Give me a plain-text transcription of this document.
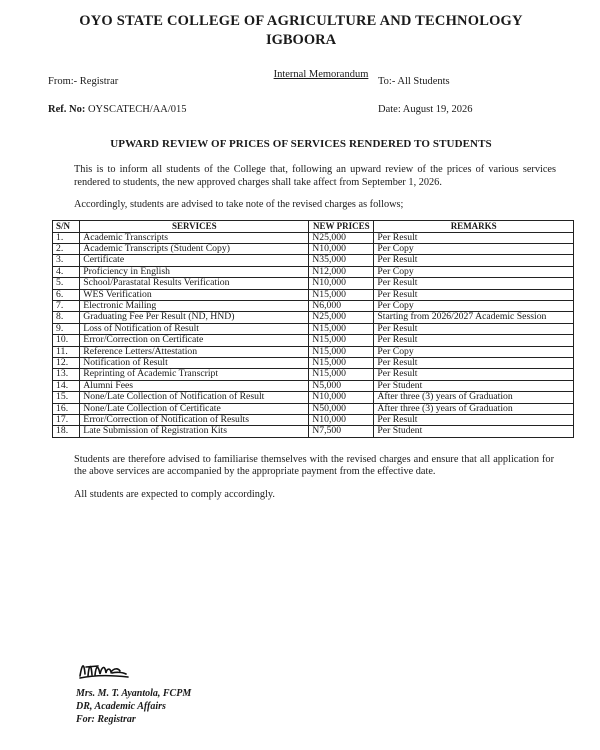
OYO STATE COLLEGE OF AGRICULTURE AND TECHNOLOGY
IGBOORA
Internal Memorandum
From:- Registrar	To:- All Students
Ref. No: OYSCATECH/AA/015	Date: August 19, 2026
UPWARD REVIEW OF PRICES OF SERVICES RENDERED TO STUDENTS

This is to inform all students of the College that, following an upward review of the prices of various services rendered to students, the new approved charges shall take affect from September 1, 2026.

Accordingly, students are advised to take note of the revised charges as follows;

S/N	SERVICES	NEW PRICES	REMARKS
1.	Academic Transcripts	N25,000	Per Result
2.	Academic Transcripts (Student Copy)	N10,000	Per Copy
3.	Certificate	N35,000	Per Result
4.	Proficiency in English	N12,000	Per Copy
5.	School/Parastatal Results Verification	N10,000	Per Result
6.	WES Verification	N15,000	Per Result
7.	Electronic Mailing	N6,000	Per Copy
8.	Graduating Fee Per Result (ND, HND)	N25,000	Starting from 2026/2027 Academic Session
9.	Loss of Notification of Result	N15,000	Per Result
10.	Error/Correction on Certificate	N15,000	Per Result
11.	Reference Letters/Attestation	N15,000	Per Copy
12.	Notification of Result	N15,000	Per Result
13.	Reprinting of Academic Transcript	N15,000	Per Result
14.	Alumni Fees	N5,000	Per Student
15.	None/Late Collection of Notification of Result	N10,000	After three (3) years of Graduation
16.	None/Late Collection of Certificate	N50,000	After three (3) years of Graduation
17.	Error/Correction of Notification of Results	N10,000	Per Result
18.	Late Submission of Registration Kits	N7,500	Per Student

Students are therefore advised to familiarise themselves with the revised charges and ensure that all application for the above services are accompanied by the appropriate payment from the effective date.

All students are expected to comply accordingly.

Mrs. M. T. Ayantola, FCPM
DR, Academic Affairs
For: Registrar
